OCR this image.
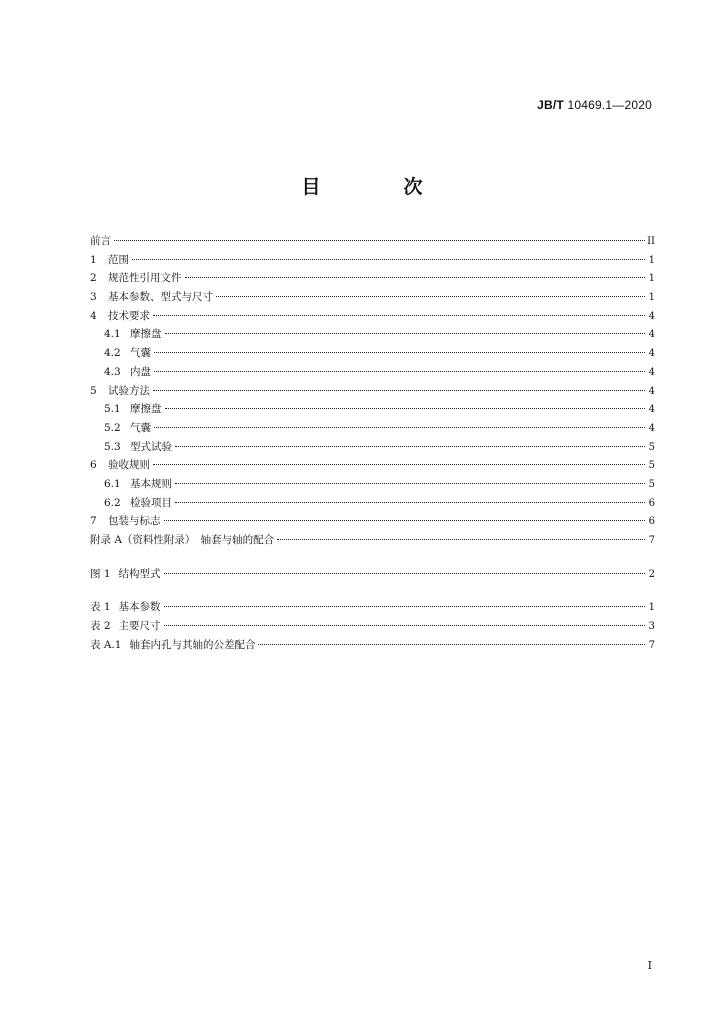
JB/T 10469.1—2020
目　次
前言	II
1	范围	1
2	规范性引用文件	1
3	基本参数、型式与尺寸	1
4	技术要求	4
4.1 摩擦盘	4
4.2 气囊	4
4.3 内盘	4
5	试验方法	4
5.1 摩擦盘	4
5.2 气囊	4
5.3 型式试验	5
6	验收规则	5
6.1 基本规则	5
6.2 检验项目	6
7	包装与标志	6
附录 A（资料性附录）　轴套与轴的配合	7
图 1 结构型式	2
表 1 基本参数	1
表 2 主要尺寸	3
表 A.1 轴套内孔与其轴的公差配合	7
I
